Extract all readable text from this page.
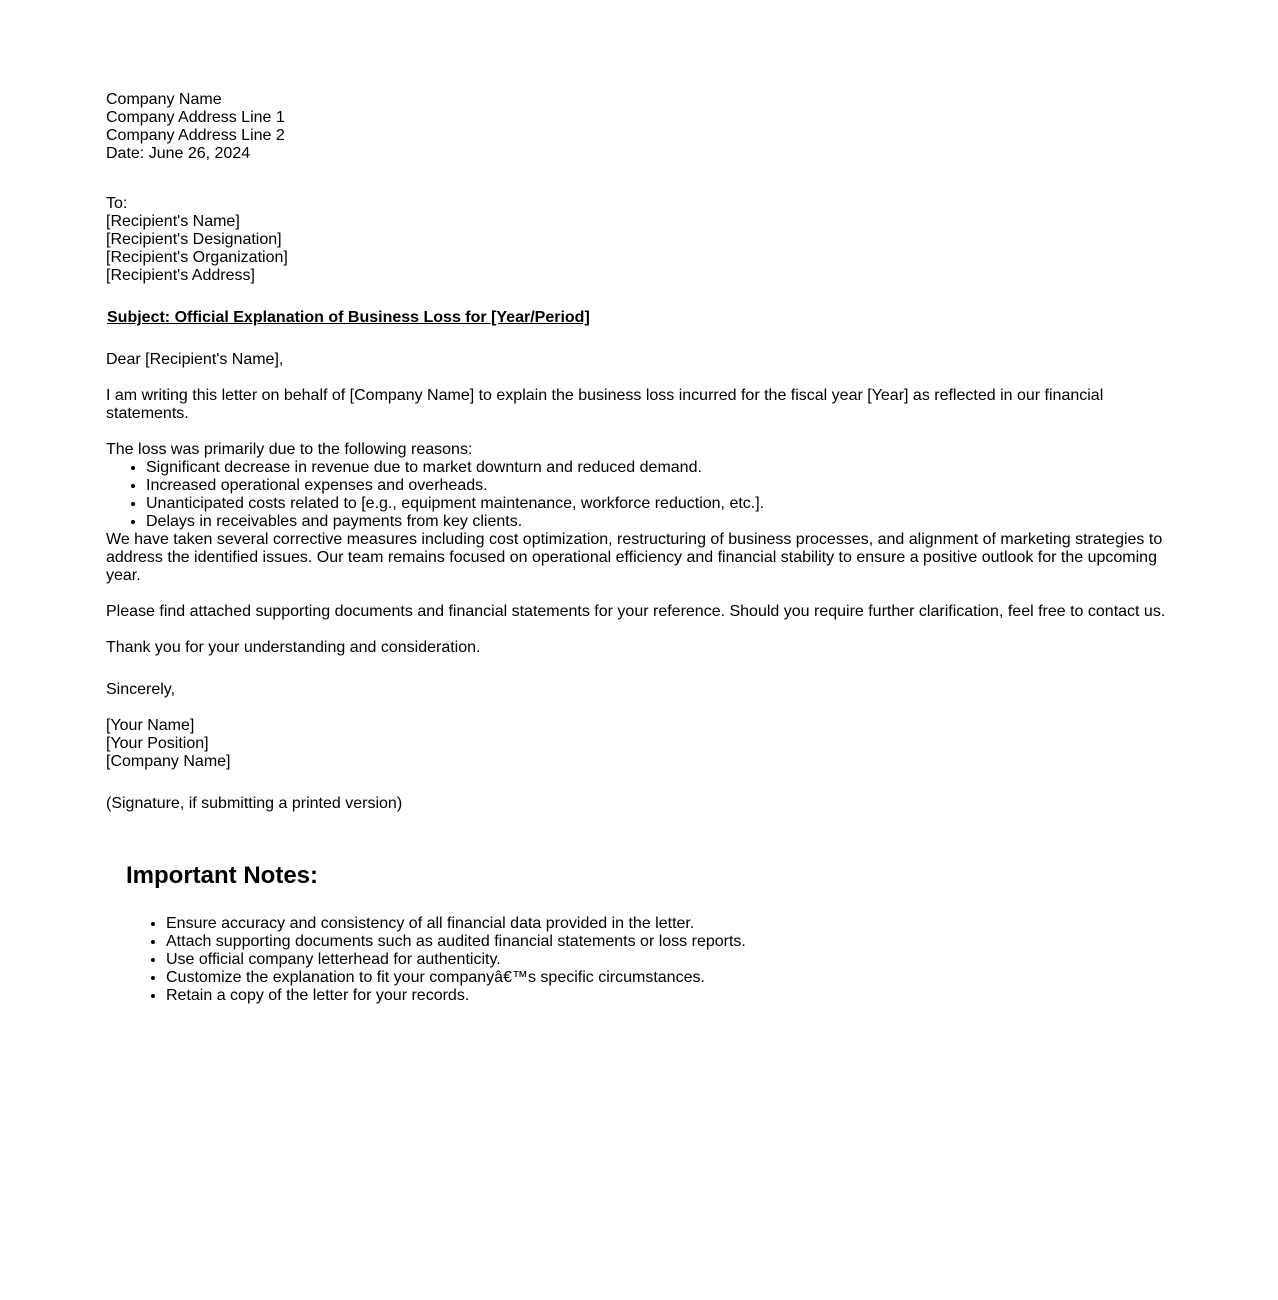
Company Name
Company Address Line 1
Company Address Line 2
Date: June 26, 2024
To:
[Recipient's Name]
[Recipient's Designation]
[Recipient's Organization]
[Recipient's Address]
Subject: Official Explanation of Business Loss for [Year/Period]
Dear [Recipient's Name],
I am writing this letter on behalf of [Company Name] to explain the business loss incurred for the fiscal year [Year] as reflected in our financial statements.
The loss was primarily due to the following reasons:
• Significant decrease in revenue due to market downturn and reduced demand.
• Increased operational expenses and overheads.
• Unanticipated costs related to [e.g., equipment maintenance, workforce reduction, etc.].
• Delays in receivables and payments from key clients.
We have taken several corrective measures including cost optimization, restructuring of business processes, and alignment of marketing strategies to address the identified issues. Our team remains focused on operational efficiency and financial stability to ensure a positive outlook for the upcoming year.
Please find attached supporting documents and financial statements for your reference. Should you require further clarification, feel free to contact us.
Thank you for your understanding and consideration.
Sincerely,
[Your Name]
[Your Position]
[Company Name]
(Signature, if submitting a printed version)
Important Notes:
• Ensure accuracy and consistency of all financial data provided in the letter.
• Attach supporting documents such as audited financial statements or loss reports.
• Use official company letterhead for authenticity.
• Customize the explanation to fit your companyâ€™s specific circumstances.
• Retain a copy of the letter for your records.
